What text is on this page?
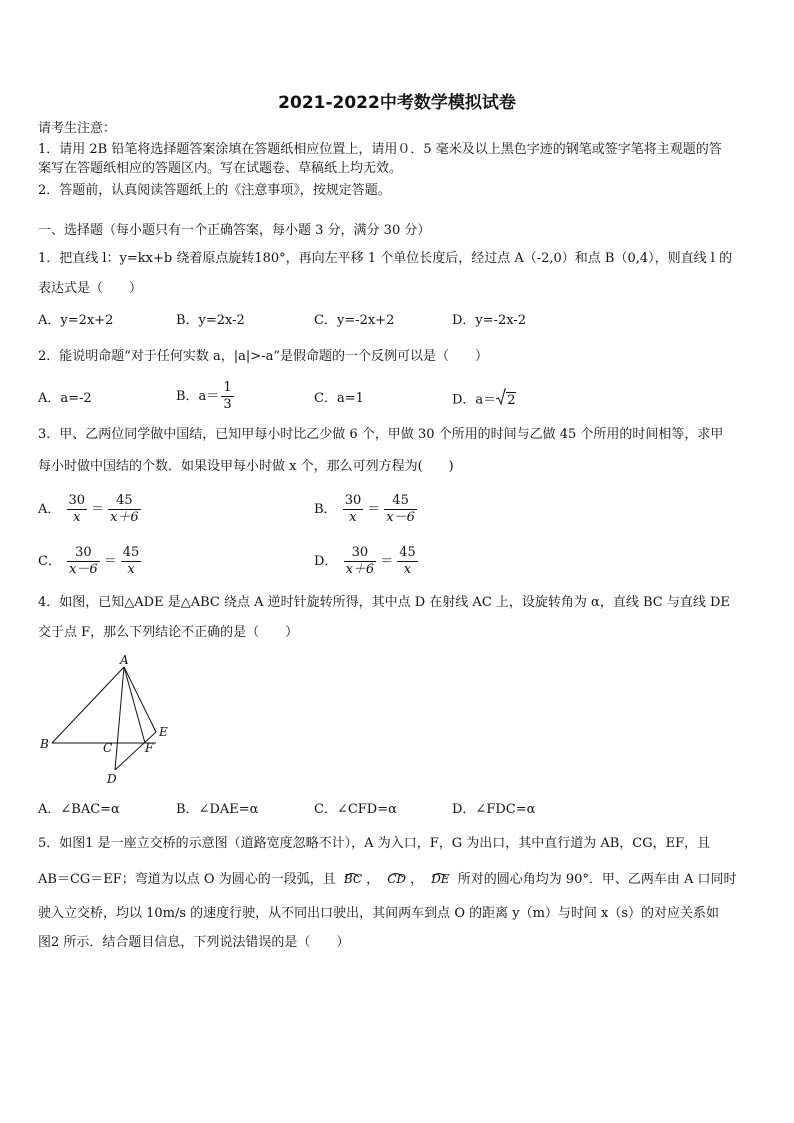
2021-2022中考数学模拟试卷
请考生注意：
1．请用 2B 铅笔将选择题答案涂填在答题纸相应位置上，请用０．5 毫米及以上黑色字迹的钢笔或签字笔将主观题的答
案写在答题纸相应的答题区内。写在试题卷、草稿纸上均无效。
2．答题前，认真阅读答题纸上的《注意事项》，按规定答题。
一、选择题（每小题只有一个正确答案，每小题 3 分，满分 30 分）
1．把直线 l：y=kx+b 绕着原点旋转180°，再向左平移 1 个单位长度后，经过点 A（-2,0）和点 B（0,4），则直线 l 的
表达式是（　　）
A．y=2x+2	B．y=2x-2	C．y=-2x+2	D．y=-2x-2
2．能说明命题“对于任何实数 a，|a|>-a”是假命题的一个反例可以是（　　）
A．a=-2	B．$a= \frac{1}{3}$	C．a=1	D．a＝ 2
3．甲、乙两位同学做中国结，已知甲每小时比乙少做 6 个，甲做 30 个所用的时间与乙做 45 个所用的时间相等，求甲
每小时做中国结的个数．如果设甲每小时做 x 个，那么可列方程为(　　)
A． $\frac{30}{x} = \frac{45}{x+6}$	B． $\frac{30}{x} = \frac{45}{x-6}$
C． $\frac{30}{x-6} = \frac{45}{x}$	D． $\frac{30}{x+6} = \frac{45}{x}$
4．如图，已知△ADE 是△ABC 绕点 A 逆时针旋转所得，其中点 D 在射线 AC 上，设旋转角为 α，直线 BC 与直线 DE
交于点 F，那么下列结论不正确的是（　　）
A
B	C
D
E
F
A．∠BAC=α	B．∠DAE=α	C．∠CFD=α	D．∠FDC=α
5．如图1 是一座立交桥的示意图（道路宽度忽略不计），A 为入口，F，G 为出口，其中直行道为 AB，CG，EF，且
AB＝CG＝EF；弯道为以点 O 为圆心的一段弧，且 BC ，
CD ，
DE 所对的圆心角均为 90°．甲、乙两车由 A 口同时
驶入立交桥，均以 10m/s 的速度行驶，从不同出口驶出，其间两车到点 O 的距离 y（m）与时间 x（s）的对应关系如
图2 所示．结合题目信息，下列说法错误的是（　　）
